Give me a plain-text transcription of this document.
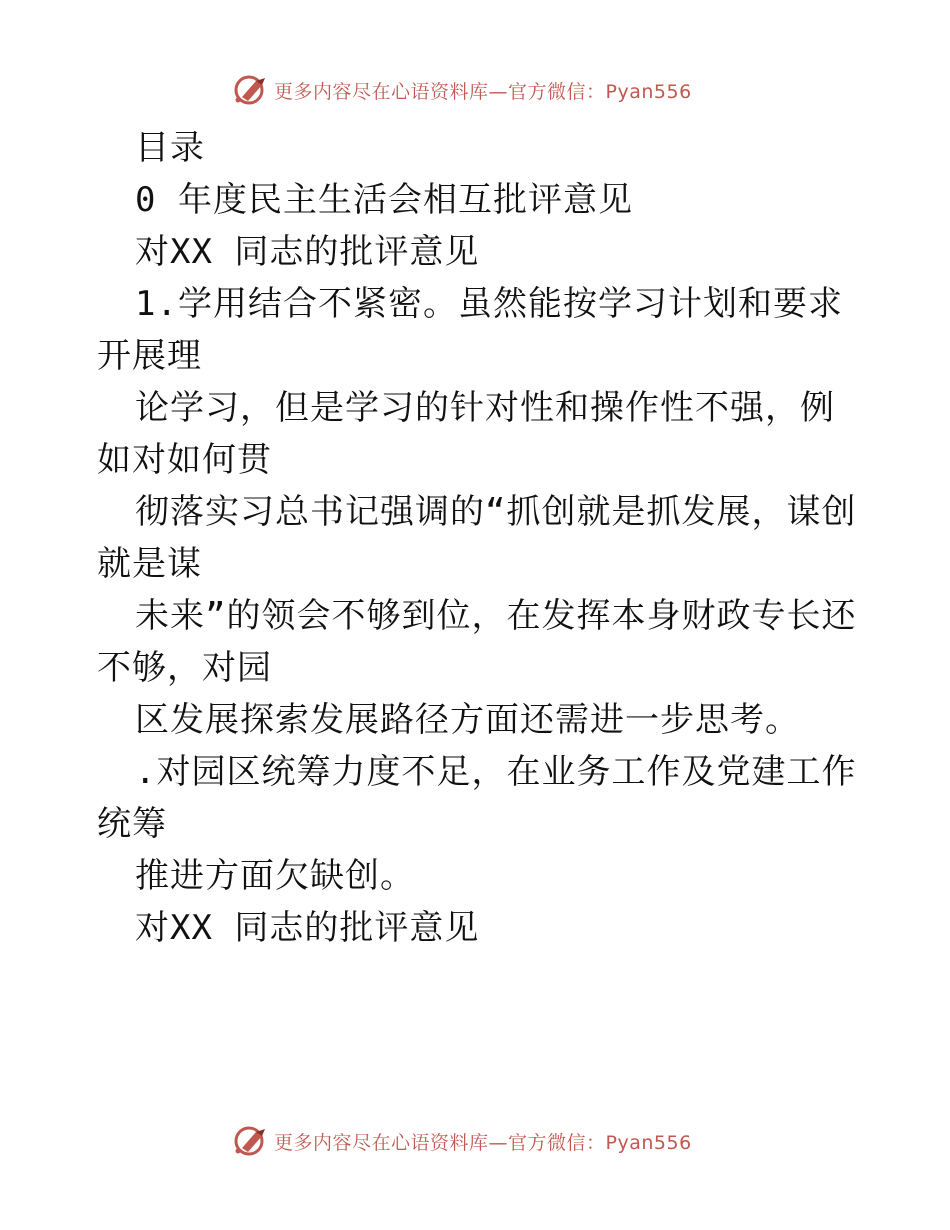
更多内容尽在心语资料库—官方微信：Pyan556

目录

0 年度民主生活会相互批评意见

对XX 同志的批评意见

1.学用结合不紧密。虽然能按学习计划和要求开展理

论学习，但是学习的针对性和操作性不强，例如对如何贯

彻落实习总书记强调的“抓创就是抓发展，谋创就是谋

未来”的领会不够到位，在发挥本身财政专长还不够，对园

区发展探索发展路径方面还需进一步思考。

.对园区统筹力度不足，在业务工作及党建工作统筹

推进方面欠缺创。

对XX 同志的批评意见

更多内容尽在心语资料库—官方微信：Pyan556
